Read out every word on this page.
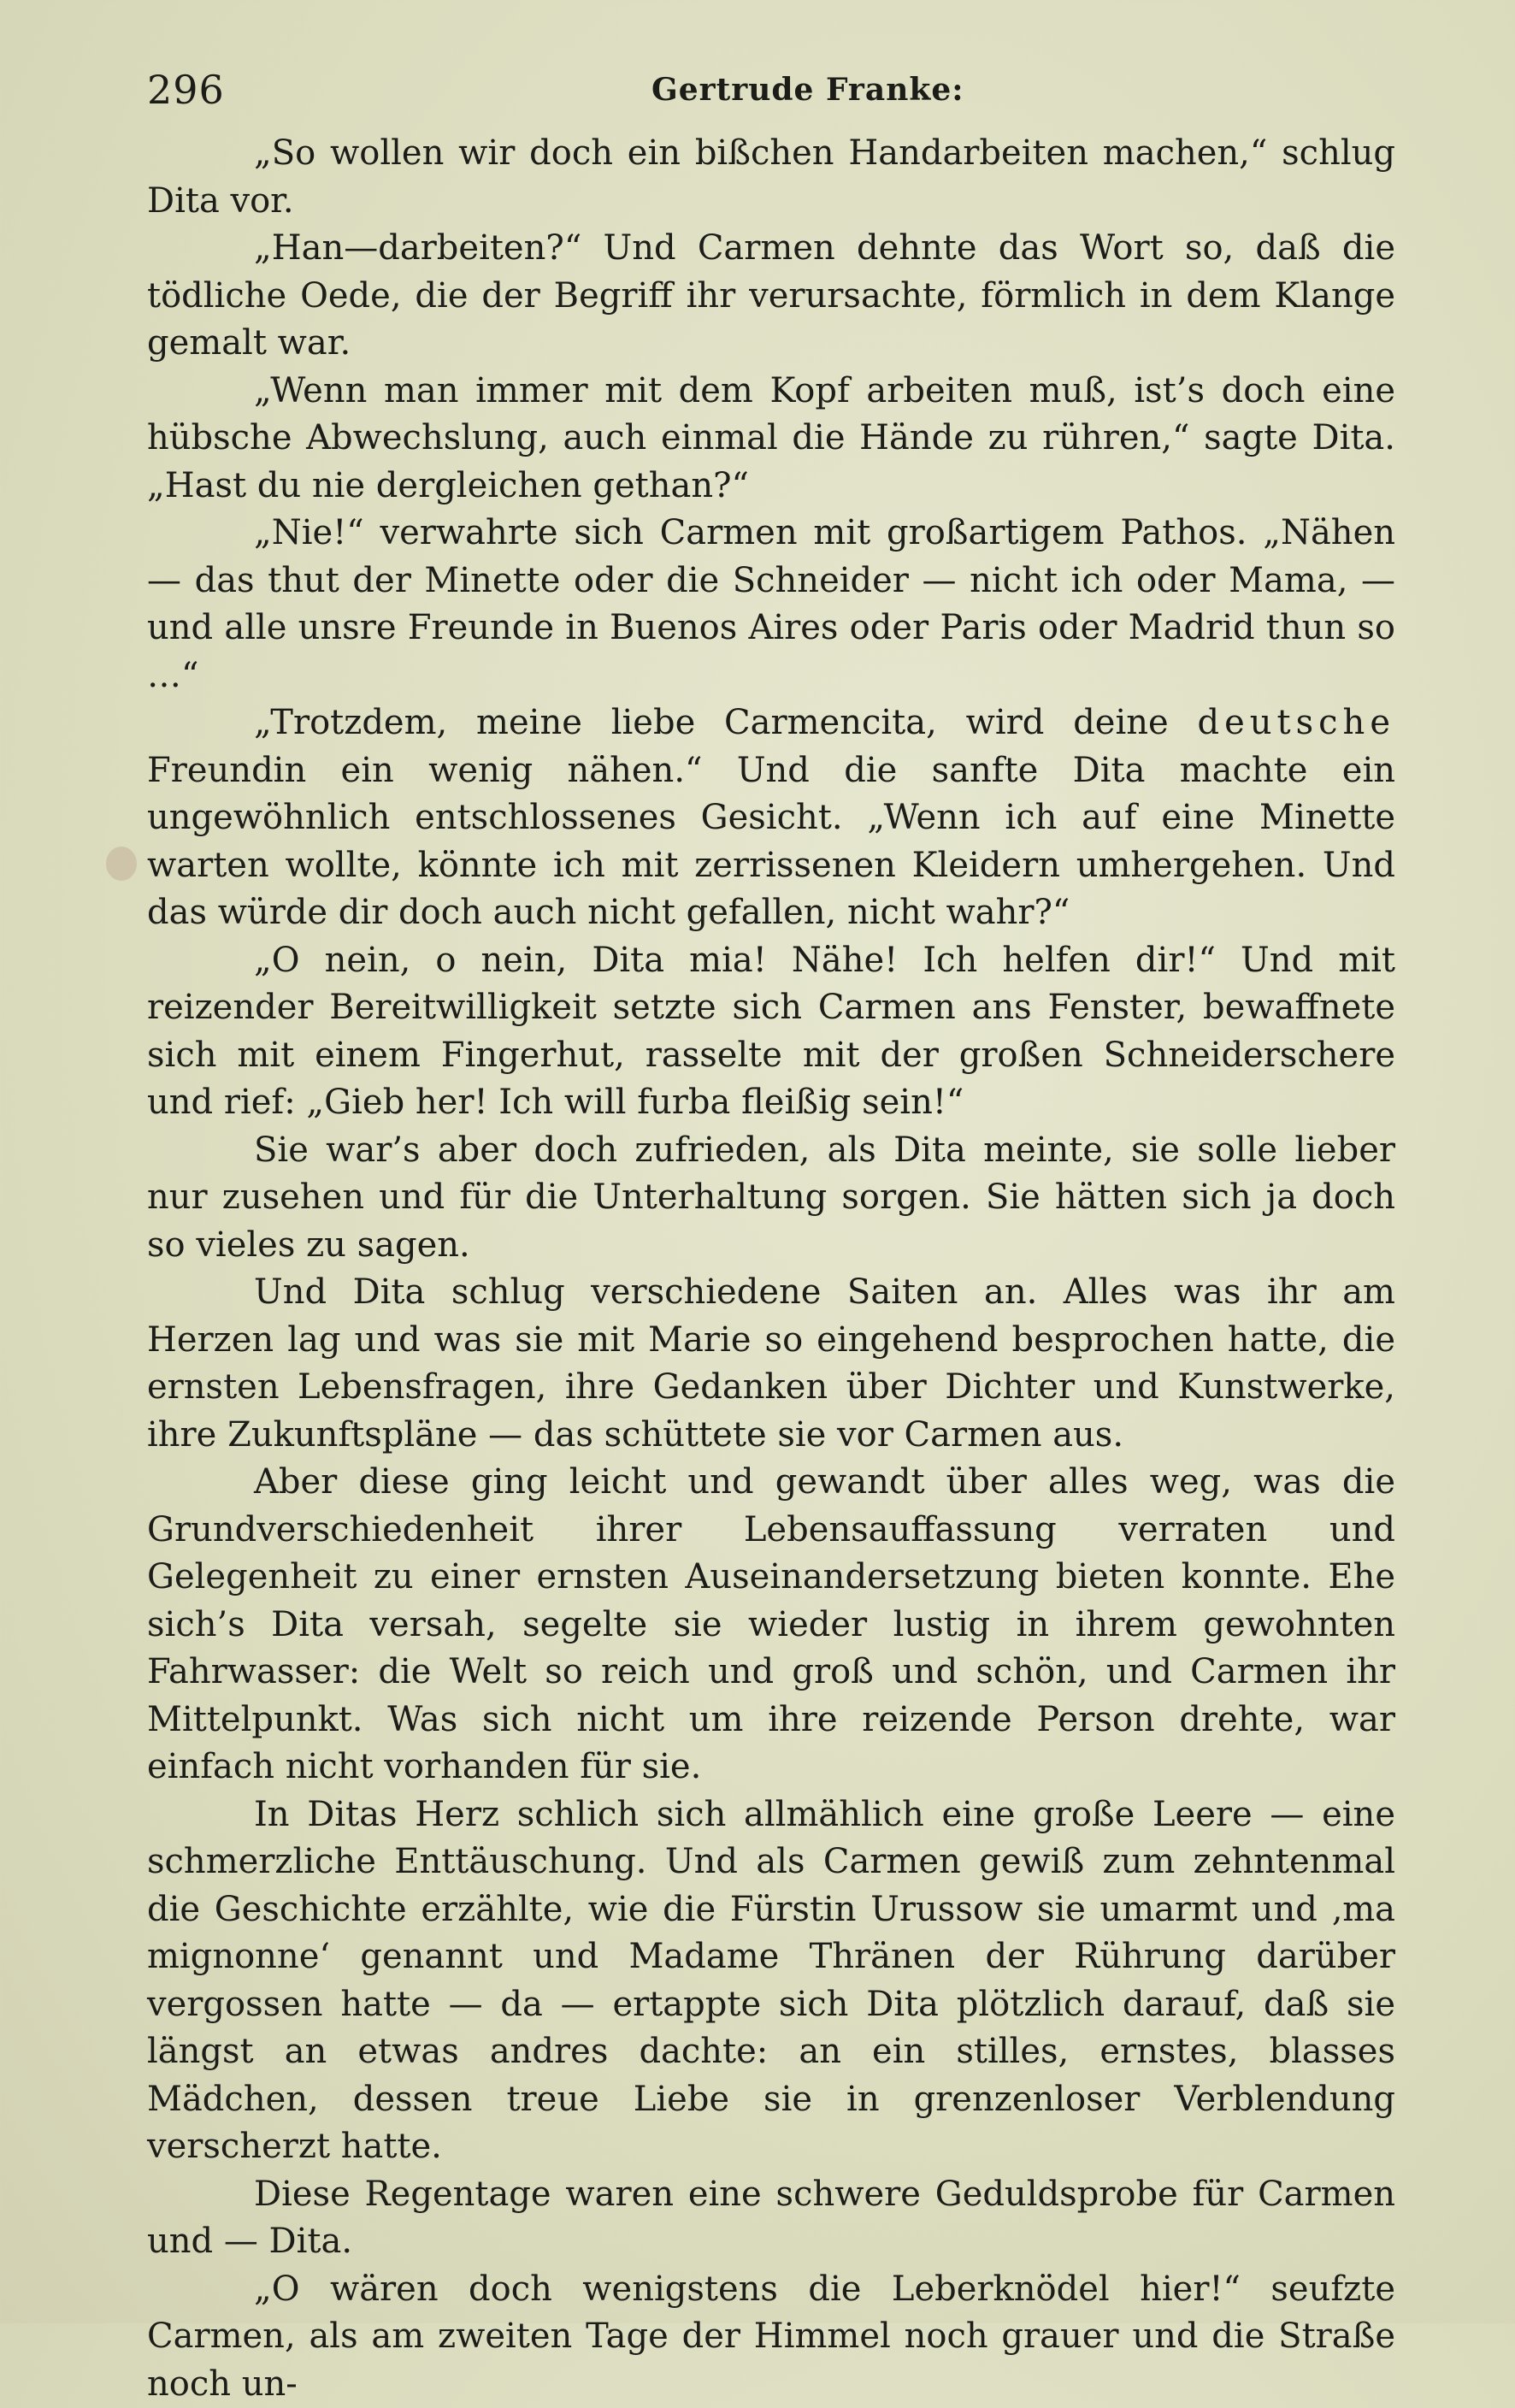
296	Gertrude Franke:

„So wollen wir doch ein bißchen Handarbeiten machen,“ schlug Dita vor.

„Han—darbeiten?“ Und Carmen dehnte das Wort so, daß die tödliche Oede, die der Begriff ihr verursachte, förmlich in dem Klange gemalt war.

„Wenn man immer mit dem Kopf arbeiten muß, ist’s doch eine hübsche Abwechslung, auch einmal die Hände zu rühren,“ sagte Dita. „Hast du nie dergleichen gethan?“

„Nie!“ verwahrte sich Carmen mit großartigem Pathos. „Nähen — das thut der Minette oder die Schneider — nicht ich oder Mama, — und alle unsre Freunde in Buenos Aires oder Paris oder Madrid thun so …“

„Trotzdem, meine liebe Carmencita, wird deine deutsche Freundin ein wenig nähen.“ Und die sanfte Dita machte ein ungewöhnlich entschlossenes Gesicht. „Wenn ich auf eine Minette warten wollte, könnte ich mit zerrissenen Kleidern umhergehen. Und das würde dir doch auch nicht gefallen, nicht wahr?“

„O nein, o nein, Dita mia! Nähe! Ich helfen dir!“ Und mit reizender Bereitwilligkeit setzte sich Carmen ans Fenster, bewaffnete sich mit einem Fingerhut, rasselte mit der großen Schneiderschere und rief: „Gieb her! Ich will furba fleißig sein!“

Sie war’s aber doch zufrieden, als Dita meinte, sie solle lieber nur zusehen und für die Unterhaltung sorgen. Sie hätten sich ja doch so vieles zu sagen.

Und Dita schlug verschiedene Saiten an. Alles was ihr am Herzen lag und was sie mit Marie so eingehend besprochen hatte, die ernsten Lebensfragen, ihre Gedanken über Dichter und Kunstwerke, ihre Zukunftspläne — das schüttete sie vor Carmen aus.

Aber diese ging leicht und gewandt über alles weg, was die Grundverschiedenheit ihrer Lebensauffassung verraten und Gelegenheit zu einer ernsten Auseinandersetzung bieten konnte. Ehe sich’s Dita versah, segelte sie wieder lustig in ihrem gewohnten Fahrwasser: die Welt so reich und groß und schön, und Carmen ihr Mittelpunkt. Was sich nicht um ihre reizende Person drehte, war einfach nicht vorhanden für sie.

In Ditas Herz schlich sich allmählich eine große Leere — eine schmerzliche Enttäuschung. Und als Carmen gewiß zum zehntenmal die Geschichte erzählte, wie die Fürstin Urussow sie umarmt und ‚ma mignonne‘ genannt und Madame Thränen der Rührung darüber vergossen hatte — da — ertappte sich Dita plötzlich darauf, daß sie längst an etwas andres dachte: an ein stilles, ernstes, blasses Mädchen, dessen treue Liebe sie in grenzenloser Verblendung verscherzt hatte.

Diese Regentage waren eine schwere Geduldsprobe für Carmen und — Dita.

„O wären doch wenigstens die Leberknödel hier!“ seufzte Carmen, als am zweiten Tage der Himmel noch grauer und die Straße noch un-
